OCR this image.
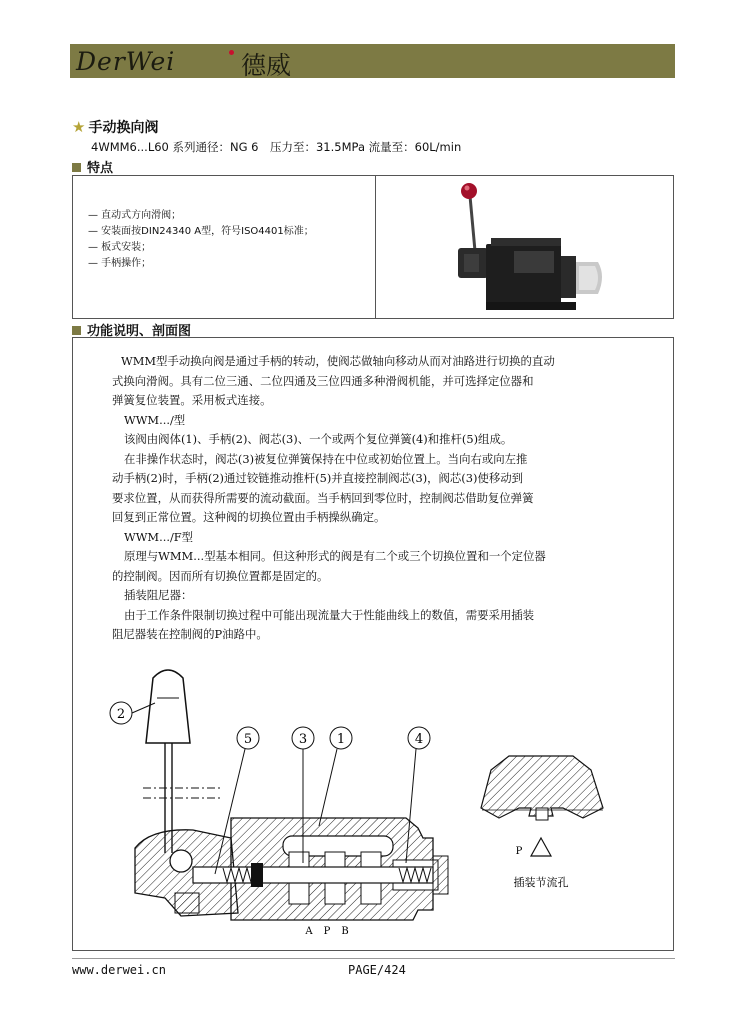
DerWei	德威
★ 手动换向阀
4WMM6...L60 系列通径：NG 6　压力至：31.5MPa 流量至：60L/min
特点
— 直动式方向滑阀；
— 安装面按DIN24340 A型，符号ISO4401标准；
— 板式安装；
— 手柄操作；
功能说明、剖面图

WMM型手动换向阀是通过手柄的转动，使阀芯做轴向移动从而对油路进行切换的直动

式换向滑阀。具有二位三通、二位四通及三位四通多种滑阀机能，并可选择定位器和

弹簧复位装置。采用板式连接。

WWM.../型

该阀由阀体(1)、手柄(2)、阀芯(3)、一个或两个复位弹簧(4)和推杆(5)组成。

在非操作状态时，阀芯(3)被复位弹簧保持在中位或初始位置上。当向右或向左推

动手柄(2)时，手柄(2)通过铰链推动推杆(5)并直接控制阀芯(3)，阀芯(3)使移动到

要求位置，从而获得所需要的流动截面。当手柄回到零位时，控制阀芯借助复位弹簧

回复到正常位置。这种阀的切换位置由手柄操纵确定。

WWM.../F型

原理与WMM...型基本相同。但这种形式的阀是有二个或三个切换位置和一个定位器

的控制阀。因而所有切换位置都是固定的。

插装阻尼器：

由于工作条件限制切换过程中可能出现流量大于性能曲线上的数值，需要采用插装

阻尼器装在控制阀的P油路中。

2
5	3 1	4
A P B
P
插装节流孔
www.derwei.cn	PAGE/424
